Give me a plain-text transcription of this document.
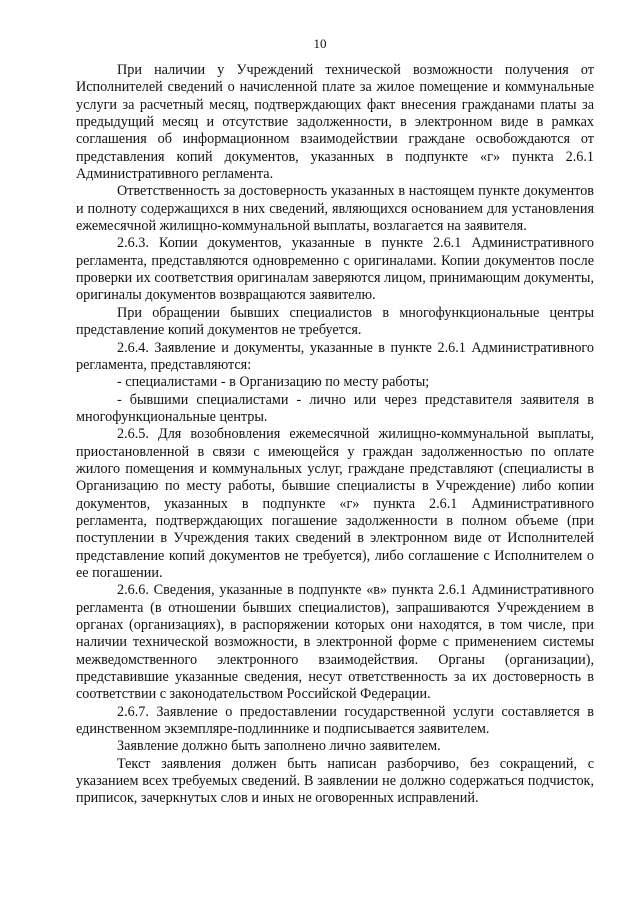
10

При наличии у Учреждений технической возможности получения от Исполнителей сведений о начисленной плате за жилое помещение и коммунальные услуги за расчетный месяц, подтверждающих факт внесения гражданами платы за предыдущий месяц и отсутствие задолженности, в электронном виде в рамках соглашения об информационном взаимодействии граждане освобождаются от представления копий документов, указанных в подпункте «г» пункта 2.6.1 Административного регламента.

Ответственность за достоверность указанных в настоящем пункте документов и полноту содержащихся в них сведений, являющихся основанием для установления ежемесячной жилищно-коммунальной выплаты, возлагается на заявителя.

2.6.3. Копии документов, указанные в пункте 2.6.1 Административного регламента, представляются одновременно с оригиналами. Копии документов после проверки их соответствия оригиналам заверяются лицом, принимающим документы, оригиналы документов возвращаются заявителю.

При обращении бывших специалистов в многофункциональные центры представление копий документов не требуется.

2.6.4. Заявление и документы, указанные в пункте 2.6.1 Административного регламента, представляются:

- специалистами - в Организацию по месту работы;

- бывшими специалистами - лично или через представителя заявителя в многофункциональные центры.

2.6.5. Для возобновления ежемесячной жилищно-коммунальной выплаты, приостановленной в связи с имеющейся у граждан задолженностью по оплате жилого помещения и коммунальных услуг, граждане представляют (специалисты в Организацию по месту работы, бывшие специалисты в Учреждение) либо копии документов, указанных в подпункте «г» пункта 2.6.1 Административного регламента, подтверждающих погашение задолженности в полном объеме (при поступлении в Учреждения таких сведений в электронном виде от Исполнителей представление копий документов не требуется), либо соглашение с Исполнителем о ее погашении.

2.6.6. Сведения, указанные в подпункте «в» пункта 2.6.1 Административного регламента (в отношении бывших специалистов), запрашиваются Учреждением в органах (организациях), в распоряжении которых они находятся, в том числе, при наличии технической возможности, в электронной форме с применением системы межведомственного электронного взаимодействия. Органы (организации), представившие указанные сведения, несут ответственность за их достоверность в соответствии с законодательством Российской Федерации.

2.6.7. Заявление о предоставлении государственной услуги составляется в единственном экземпляре-подлиннике и подписывается заявителем.

Заявление должно быть заполнено лично заявителем.

Текст заявления должен быть написан разборчиво, без сокращений, с указанием всех требуемых сведений. В заявлении не должно содержаться подчисток, приписок, зачеркнутых слов и иных не оговоренных исправлений.
